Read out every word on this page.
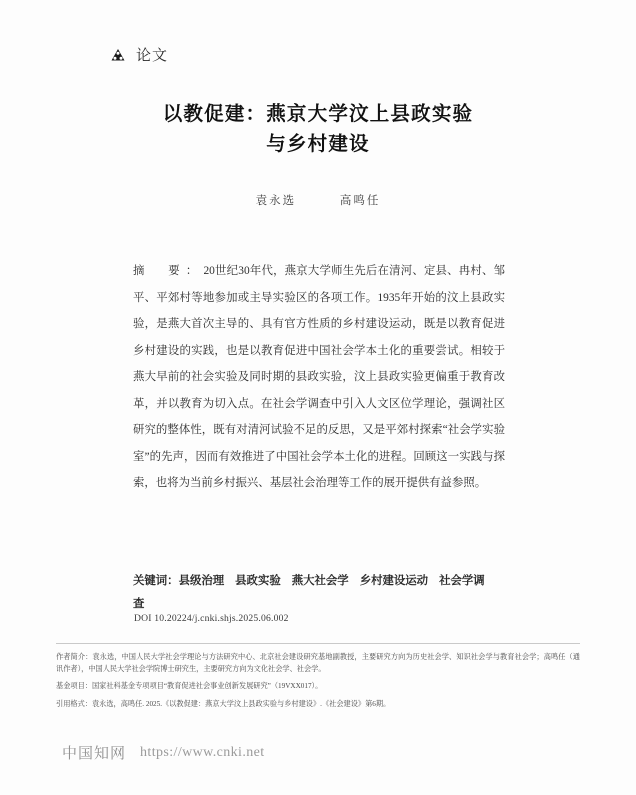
论文
以教促建：燕京大学汶上县政实验
与乡村建设
袁永选	高鸣任
摘　要：20世纪30年代，燕京大学师生先后在清河、定县、冉村、邹平、平郊村等地参加或主导实验区的各项工作。1935年开始的汶上县政实验，是燕大首次主导的、具有官方性质的乡村建设运动，既是以教育促进乡村建设的实践，也是以教育促进中国社会学本土化的重要尝试。相较于燕大早前的社会实验及同时期的县政实验，汶上县政实验更偏重于教育改革，并以教育为切入点。在社会学调查中引入人文区位学理论，强调社区研究的整体性，既有对清河试验不足的反思，又是平郊村探索“社会学实验室”的先声，因而有效推进了中国社会学本土化的进程。回顾这一实践与探索，也将为当前乡村振兴、基层社会治理等工作的展开提供有益参照。
关键词：县级治理 县政实验 燕大社会学 乡村建设运动 社会学调查
DOI 10.20224/j.cnki.shjs.2025.06.002
作者简介：袁永选，中国人民大学社会学理论与方法研究中心、北京社会建设研究基地副教授，主要研究方向为历史社会学、知识社会学与教育社会学；高鸣任（通讯作者），中国人民大学社会学院博士研究生，主要研究方向为文化社会学、社会学。
基金项目：国家社科基金专项项目“教育促进社会事业创新发展研究”（19VXX017）。
引用格式：袁永选，高鸣任. 2025.《以教促建：燕京大学汶上县政实验与乡村建设》.《社会建设》第6期。
中国知网 https://www.cnki.net
